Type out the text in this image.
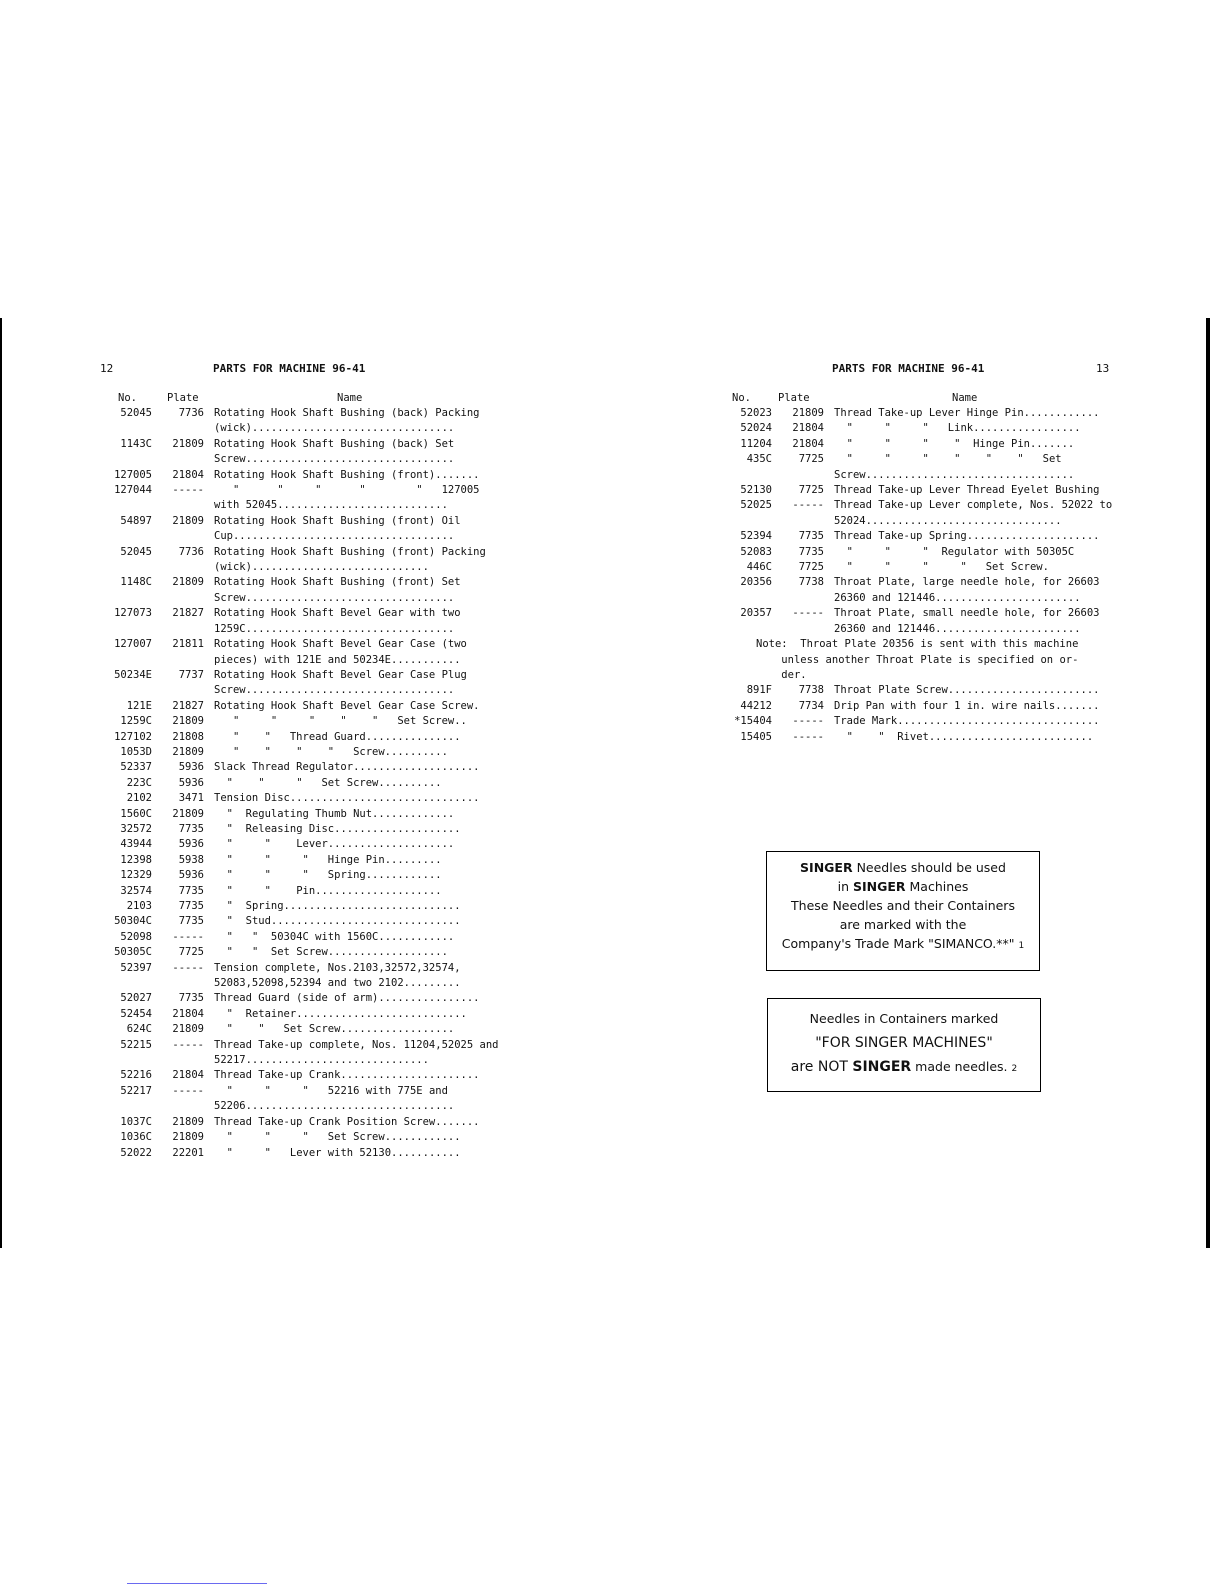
12	PARTS FOR MACHINE 96-41
No.	Plate	Name
52045	7736 Rotating Hook Shaft Bushing (back) Packing (wick)................................
1143C	21809 Rotating Hook Shaft Bushing (back) Set Screw.................................
127005	21804 Rotating Hook Shaft Bushing (front).......
127044	----- "      "     "      "        "   127005 with 52045...........................
54897	21809 Rotating Hook Shaft Bushing (front) Oil Cup...................................
52045	7736 Rotating Hook Shaft Bushing (front) Packing (wick)............................
1148C	21809 Rotating Hook Shaft Bushing (front) Set Screw.................................
127073	21827 Rotating Hook Shaft Bevel Gear with two 1259C.................................
127007	21811 Rotating Hook Shaft Bevel Gear Case (two pieces) with 121E and 50234E...........
50234E	7737 Rotating Hook Shaft Bevel Gear Case Plug Screw.................................
121E	21827 Rotating Hook Shaft Bevel Gear Case Screw.
1259C	21809 "     "     "    "    "   Set Screw..
127102	21808 "    "   Thread Guard...............
1053D	21809 "    "    "    "   Screw..........
52337	5936 Slack Thread Regulator....................
223C	5936 "    "     "   Set Screw..........
2102	3471 Tension Disc..............................
1560C	21809 "  Regulating Thumb Nut.............
32572	7735 "  Releasing Disc....................
43944	5936 "     "    Lever....................
12398	5938 "     "     "   Hinge Pin.........
12329	5936 "     "     "   Spring............
32574	7735 "     "    Pin....................
2103	7735 "  Spring............................
50304C	7735 "  Stud..............................
52098	----- "   "  50304C with 1560C............
50305C	7725 "   "  Set Screw...................
52397	----- Tension complete, Nos.2103,32572,32574, 52083,52098,52394 and two 2102.........
52027	7735 Thread Guard (side of arm)................
52454	21804 "  Retainer...........................
624C	21809 "    "   Set Screw..................
52215	----- Thread Take-up complete, Nos. 11204,52025 and 52217.............................
52216	21804 Thread Take-up Crank......................
52217	----- "     "     "   52216 with 775E and 52206.................................
1037C	21809 Thread Take-up Crank Position Screw.......
1036C	21809 "     "     "   Set Screw............
52022	22201 "     "   Lever with 52130...........
PARTS FOR MACHINE 96-41	13
No.	Plate	Name
52023	21809 Thread Take-up Lever Hinge Pin............
52024	21804 "     "     "   Link.................
11204	21804 "     "     "    "  Hinge Pin.......
435C	7725 "     "     "    "    "    "   Set Screw.................................
52130	7725 Thread Take-up Lever Thread Eyelet Bushing
52025	----- Thread Take-up Lever complete, Nos. 52022 to 52024...............................
52394	7735 Thread Take-up Spring.....................
52083	7735 "     "     "  Regulator with 50305C
446C	7725 "     "     "     "   Set Screw.
20356	7738 Throat Plate, large needle hole, for 26603 26360 and 121446.......................
20357	----- Throat Plate, small needle hole, for 26603 26360 and 121446.......................
Note:  Throat Plate 20356 is sent with this machine
unless another Throat Plate is specified on or-
der.
891F	7738 Throat Plate Screw........................
44212	7734 Drip Pan with four 1 in. wire nails.......
*15404	----- Trade Mark................................
15405	----- "    "  Rivet..........................
SINGER Needles should be used
in SINGER Machines
These Needles and their Containers
are marked with the
Company's Trade Mark "SIMANCO.**" 1
Needles in Containers marked
"FOR SINGER MACHINES"
are NOT SINGER made needles. 2
